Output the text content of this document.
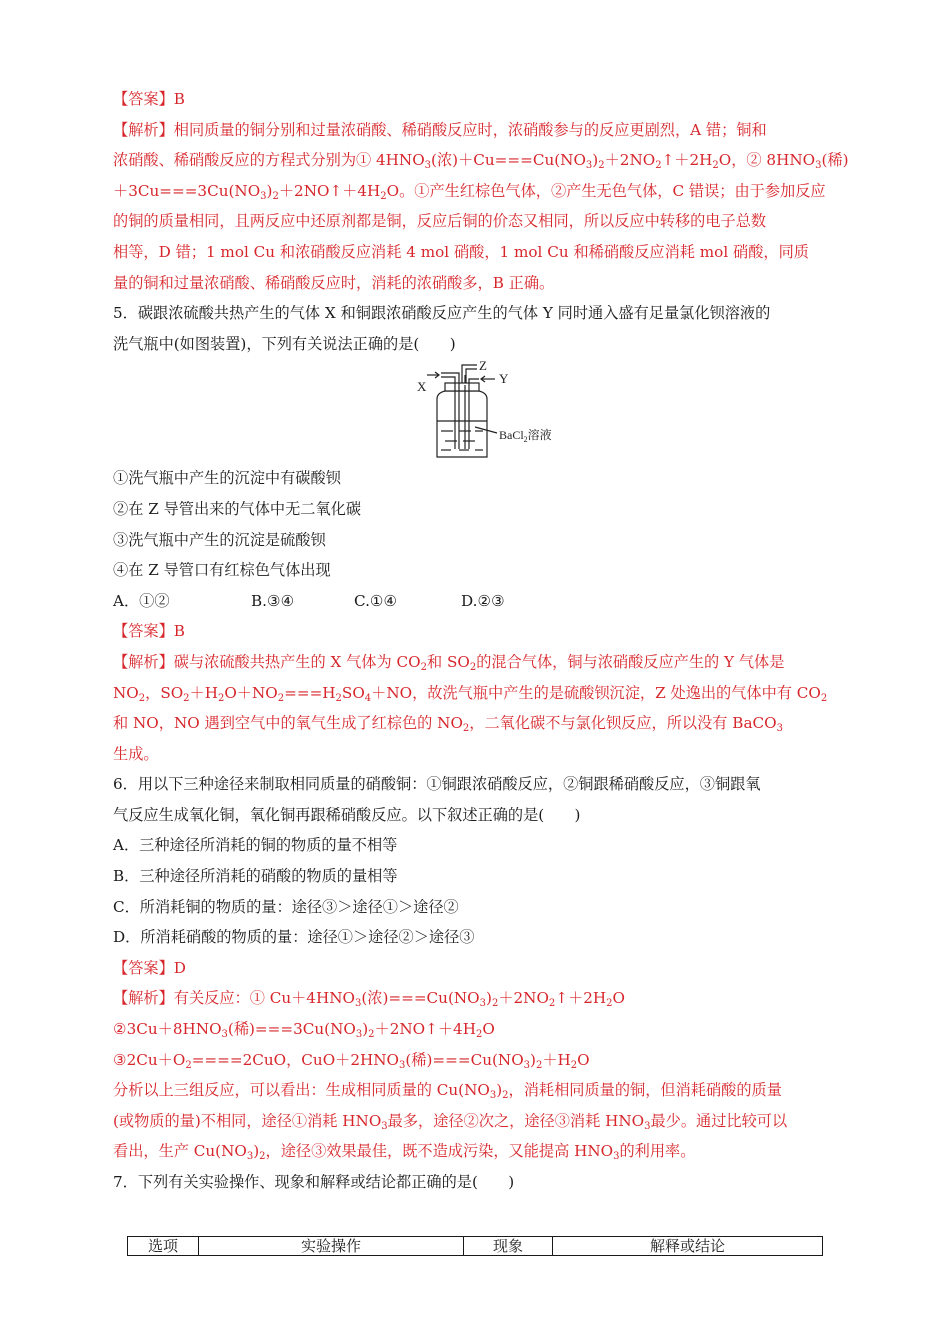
【答案】B
【解析】相同质量的铜分别和过量浓硝酸、稀硝酸反应时，浓硝酸参与的反应更剧烈，A 错；铜和
浓硝酸、稀硝酸反应的方程式分别为① $4HNO_3$(浓)$+Cu===Cu(NO_3)_2+2NO_2↑+2H_2O$，② $8HNO_3$(稀)
$+3Cu===3Cu(NO_3)_2+2NO↑+4H_2O$。①产生红棕色气体，②产生无色气体，C 错误；由于参加反应
的铜的质量相同，且两反应中还原剂都是铜，反应后铜的价态又相同，所以反应中转移的电子总数
相等，D 错；1 mol Cu 和浓硝酸反应消耗 4 mol 硝酸，1 mol Cu 和稀硝酸反应消耗 mol 硝酸，同质
量的铜和过量浓硝酸、稀硝酸反应时，消耗的浓硝酸多，B 正确。
5．碳跟浓硫酸共热产生的气体 X 和铜跟浓硝酸反应产生的气体 Y 同时通入盛有足量氯化钡溶液的
洗气瓶中(如图装置)，下列有关说法正确的是(　　)
Z
Y
X
BaCl$_2$溶液
①洗气瓶中产生的沉淀中有碳酸钡
②在 Z 导管出来的气体中无二氧化碳
③洗气瓶中产生的沉淀是硫酸钡
④在 Z 导管口有红棕色气体出现
A．①②	B.③④	C.①④	D.②③
【答案】B
【解析】碳与浓硫酸共热产生的 X 气体为 $CO_2$和 $SO_2$的混合气体，铜与浓硝酸反应产生的 Y 气体是
$NO_2$，$SO_2+H_2O+NO_2===H_2SO_4+NO$，故洗气瓶中产生的是硫酸钡沉淀，Z 处逸出的气体中有 $CO_2$
和 NO，NO 遇到空气中的氧气生成了红棕色的 $NO_2$，二氧化碳不与氯化钡反应，所以没有 BaCO$_3$
生成。
6．用以下三种途径来制取相同质量的硝酸铜：①铜跟浓硝酸反应，②铜跟稀硝酸反应，③铜跟氧
气反应生成氧化铜，氧化铜再跟稀硝酸反应。以下叙述正确的是(　　)
A．三种途径所消耗的铜的物质的量不相等
B．三种途径所消耗的硝酸的物质的量相等
C．所消耗铜的物质的量：途径③＞途径①＞途径②
D．所消耗硝酸的物质的量：途径①＞途径②＞途径③
【答案】D
【解析】有关反应：① $Cu+4HNO_3$(浓)$===Cu(NO_3)_2+2NO_2↑+2H_2O$
$②3Cu+8HNO_3$(稀)$===3Cu(NO_3)_2+2NO↑+4H_2O$
$③2Cu+O_2====2CuO$，$CuO+2HNO_3$(稀)$===Cu(NO_3)_2+H_2O$
分析以上三组反应，可以看出：生成相同质量的 $Cu(NO_3)_2$，消耗相同质量的铜，但消耗硝酸的质量
(或物质的量)不相同，途径①消耗 $HNO_3$最多，途径②次之，途径③消耗 $HNO_3$最少。通过比较可以
看出，生产 $Cu(NO_3)_2$，途径③效果最佳，既不造成污染，又能提高 $HNO_3$的利用率。
7．下列有关实验操作、现象和解释或结论都正确的是(　　)
选项	实验操作	现象	解释或结论
